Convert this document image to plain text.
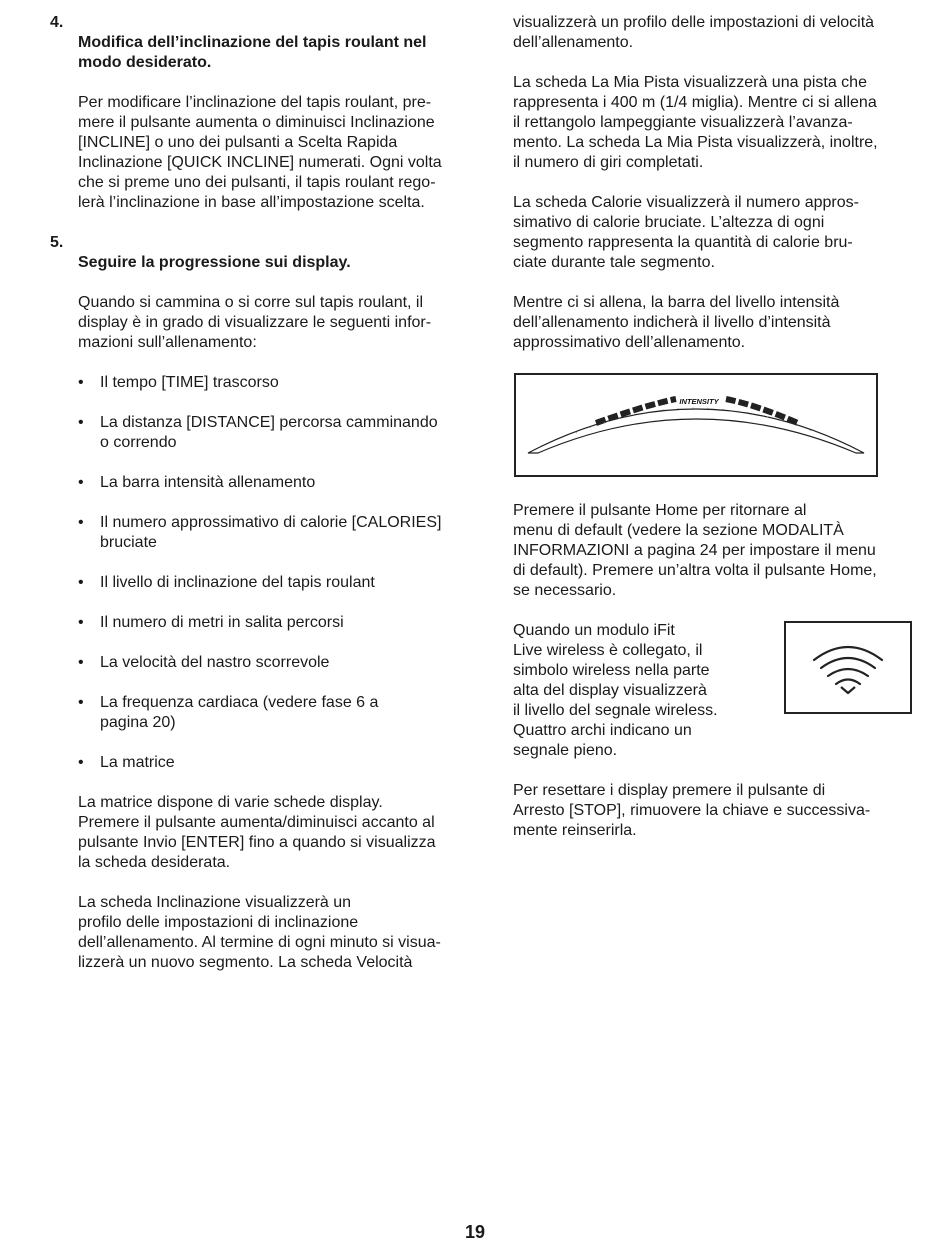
4.
Modifica dell’inclinazione del tapis roulant nel
modo desiderato.

Per modificare l’inclinazione del tapis roulant, pre-
mere il pulsante aumenta o diminuisci Inclinazione
[INCLINE] o uno dei pulsanti a Scelta Rapida
Inclinazione [QUICK INCLINE] numerati. Ogni volta
che si preme uno dei pulsanti, il tapis roulant rego-
lerà l’inclinazione in base all’impostazione scelta.

5.
Seguire la progressione sui display.

Quando si cammina o si corre sul tapis roulant, il
display è in grado di visualizzare le seguenti infor-
mazioni sull’allenamento:

• Il tempo [TIME] trascorso
• La distanza [DISTANCE] percorsa camminando
o correndo
• La barra intensità allenamento
• Il numero approssimativo di calorie [CALORIES]
bruciate
• Il livello di inclinazione del tapis roulant
• Il numero di metri in salita percorsi
• La velocità del nastro scorrevole
• La frequenza cardiaca (vedere fase 6 a
pagina 20)
• La matrice

La matrice dispone di varie schede display.
Premere il pulsante aumenta/diminuisci accanto al
pulsante Invio [ENTER] fino a quando si visualizza
la scheda desiderata.

La scheda Inclinazione visualizzerà un
profilo delle impostazioni di inclinazione
dell’allenamento. Al termine di ogni minuto si visua-
lizzerà un nuovo segmento. La scheda Velocità

visualizzerà un profilo delle impostazioni di velocità
dell’allenamento.

La scheda La Mia Pista visualizzerà una pista che
rappresenta i 400 m (1/4 miglia). Mentre ci si allena
il rettangolo lampeggiante visualizzerà l’avanza-
mento. La scheda La Mia Pista visualizzerà, inoltre,
il numero di giri completati.

La scheda Calorie visualizzerà il numero appros-
simativo di calorie bruciate. L’altezza di ogni
segmento rappresenta la quantità di calorie bru-
ciate durante tale segmento.

Mentre ci si allena, la barra del livello intensità
dell’allenamento indicherà il livello d’intensità
approssimativo dell’allenamento.

INTENSITY

Premere il pulsante Home per ritornare al
menu di default (vedere la sezione MODALITÀ
INFORMAZIONI a pagina 24 per impostare il menu
di default). Premere un’altra volta il pulsante Home,
se necessario.

Quando un modulo iFit
Live wireless è collegato, il
simbolo wireless nella parte
alta del display visualizzerà
il livello del segnale wireless.
Quattro archi indicano un
segnale pieno.

Per resettare i display premere il pulsante di
Arresto [STOP], rimuovere la chiave e successiva-
mente reinserirla.

19
